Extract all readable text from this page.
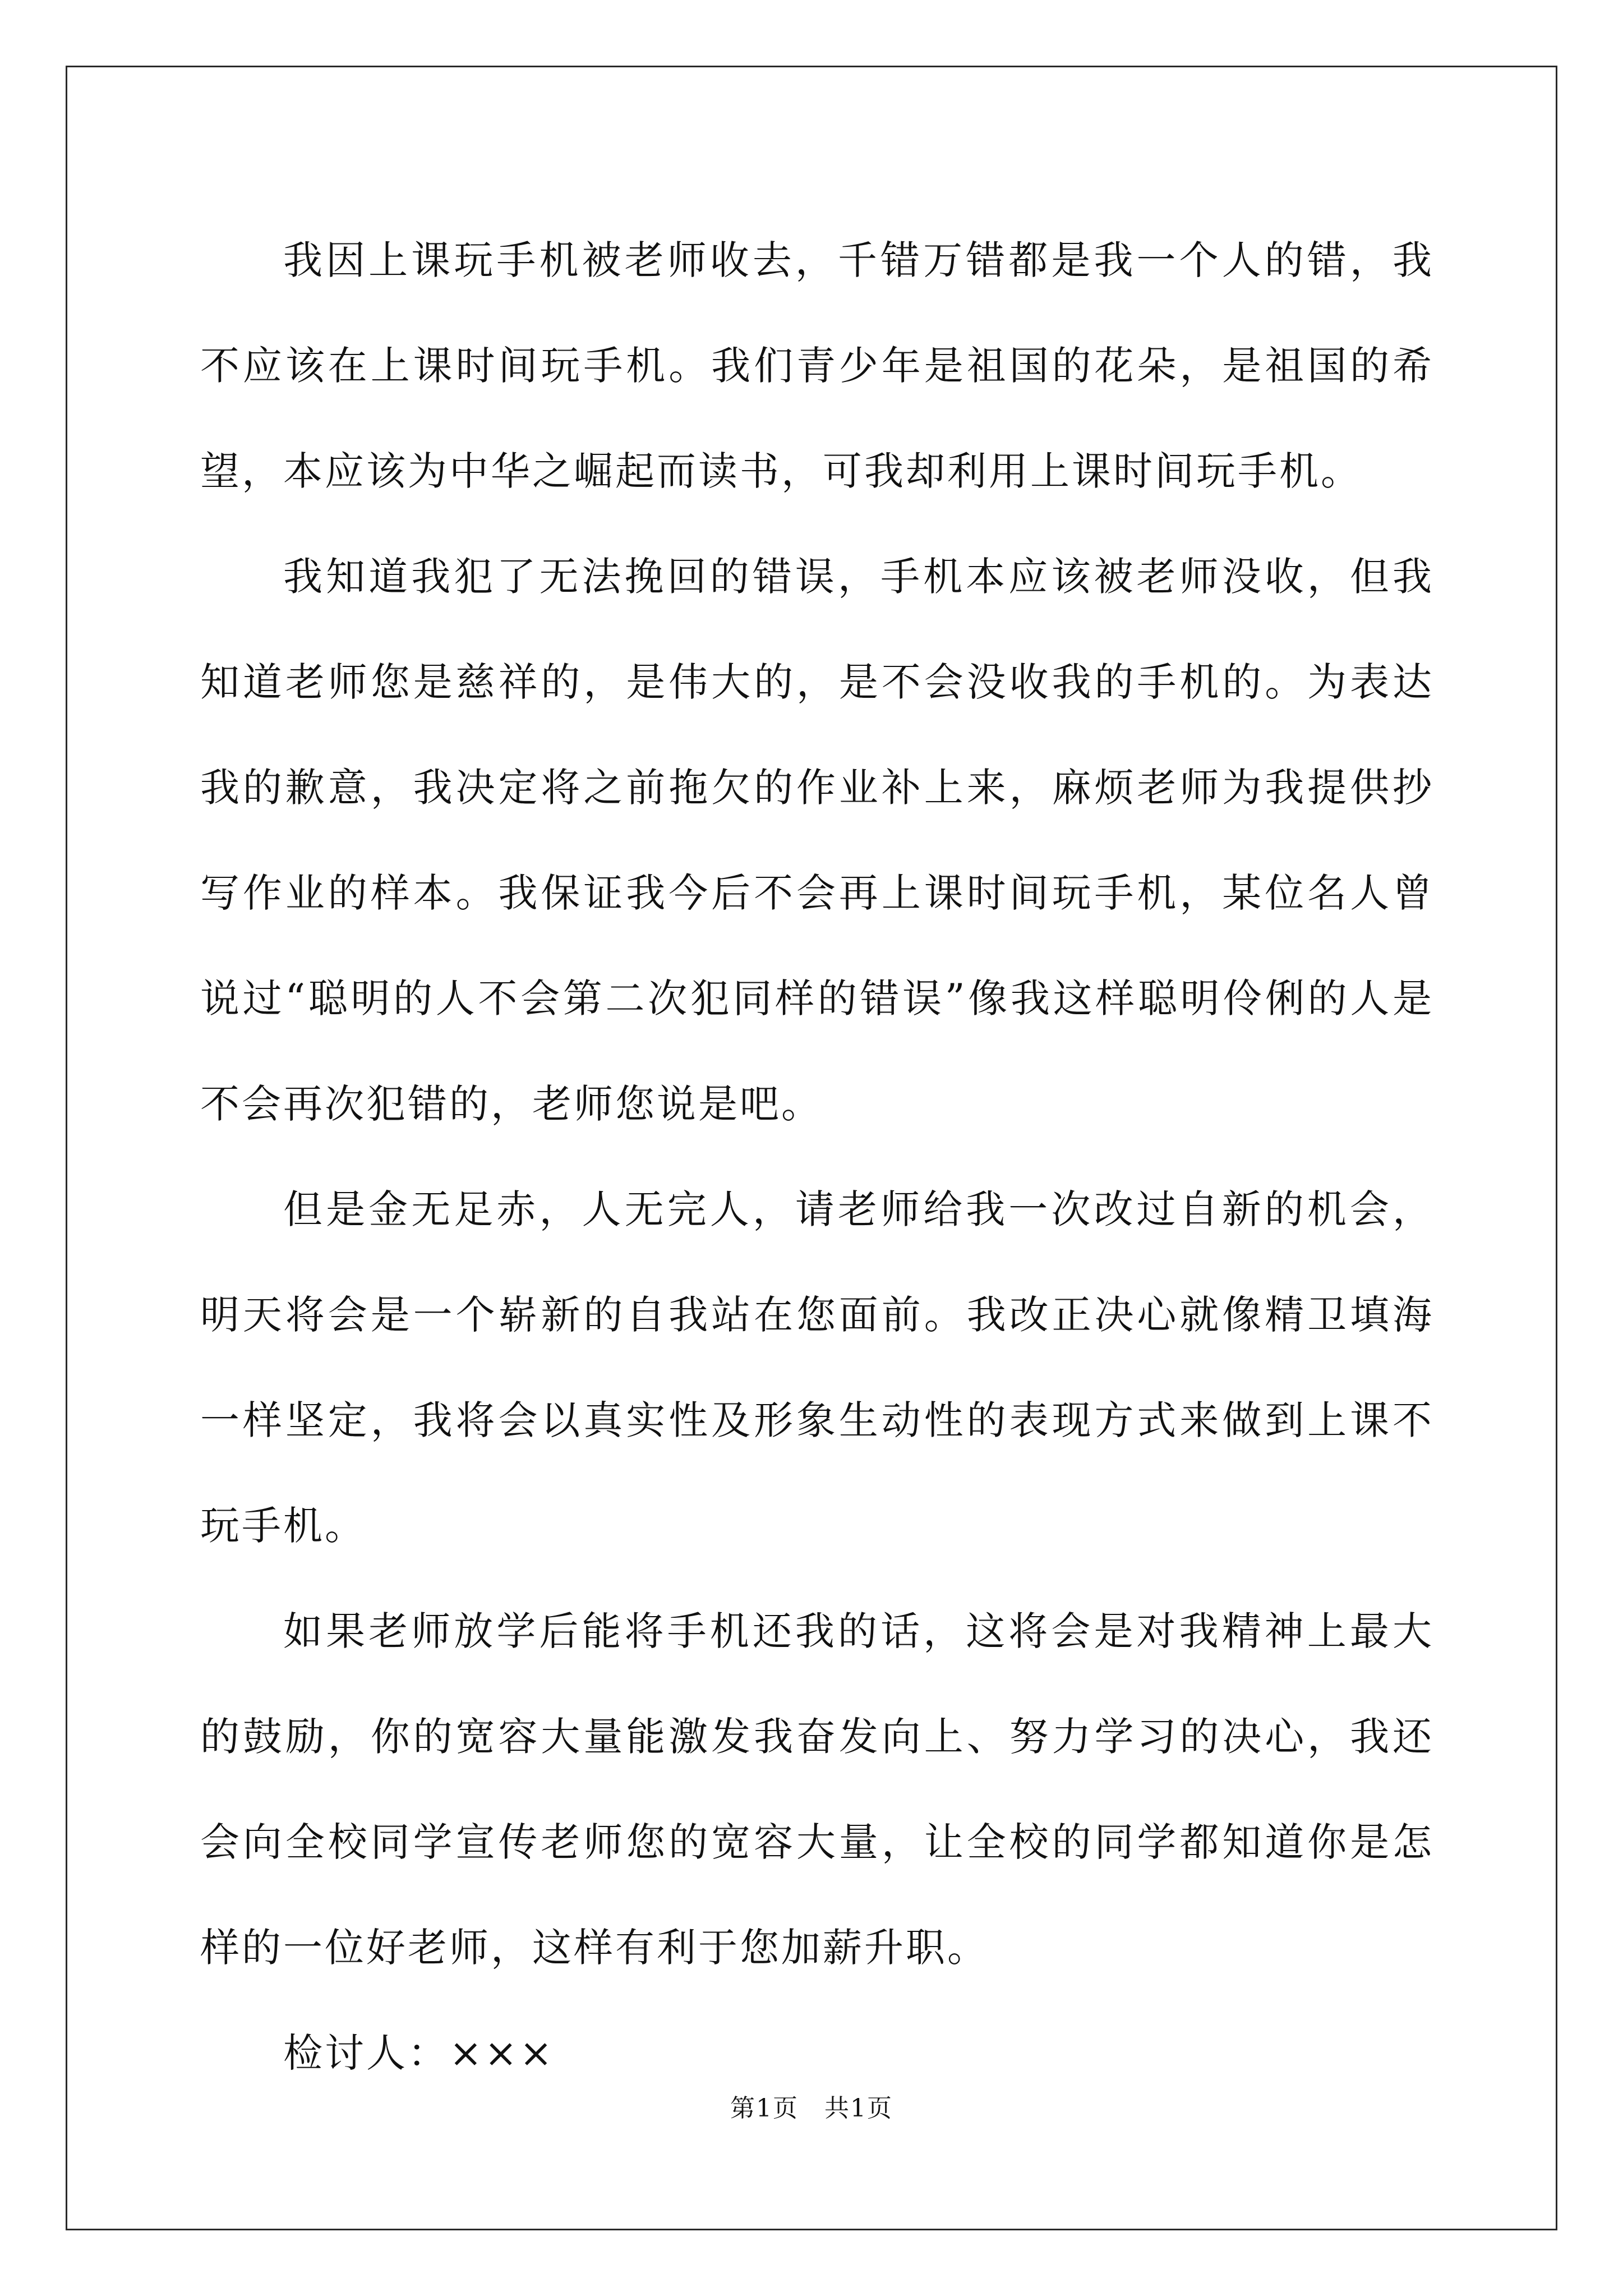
我因上课玩手机被老师收去，千错万错都是我一个人的错，我不应该在上课时间玩手机。我们青少年是祖国的花朵，是祖国的希望，本应该为中华之崛起而读书，可我却利用上课时间玩手机。

我知道我犯了无法挽回的错误，手机本应该被老师没收，但我知道老师您是慈祥的，是伟大的，是不会没收我的手机的。为表达我的歉意，我决定将之前拖欠的作业补上来，麻烦老师为我提供抄写作业的样本。我保证我今后不会再上课时间玩手机，某位名人曾说过“聪明的人不会第二次犯同样的错误”像我这样聪明伶俐的人是不会再次犯错的，老师您说是吧。

但是金无足赤，人无完人，请老师给我一次改过自新的机会，明天将会是一个崭新的自我站在您面前。我改正决心就像精卫填海一样坚定，我将会以真实性及形象生动性的表现方式来做到上课不玩手机。

如果老师放学后能将手机还我的话，这将会是对我精神上最大的鼓励，你的宽容大量能激发我奋发向上、努力学习的决心，我还会向全校同学宣传老师您的宽容大量，让全校的同学都知道你是怎样的一位好老师，这样有利于您加薪升职。

检讨人：×××

第1页　共1页
